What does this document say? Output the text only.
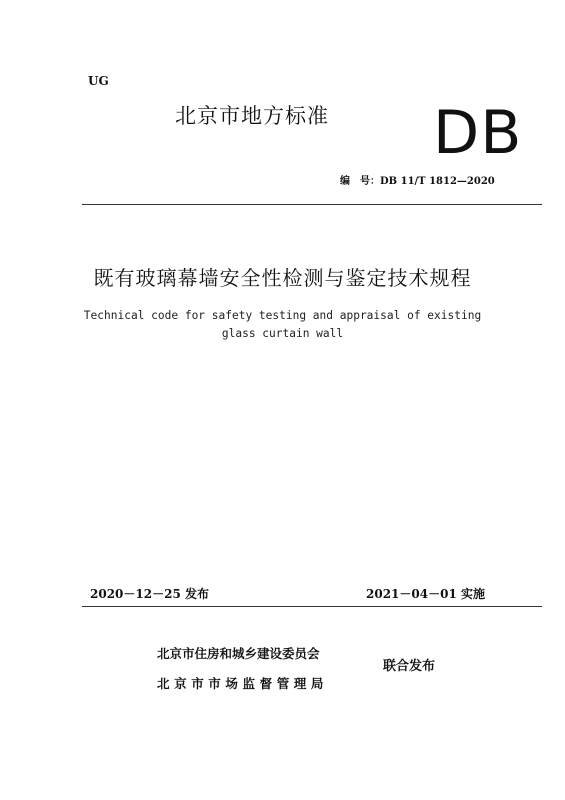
UG
北京市地方标准 DB
编　号：DB 11/T 1812—2020
既有玻璃幕墙安全性检测与鉴定技术规程
Technical code for safety testing and appraisal of existing
glass curtain wall
2020－12－25 发布	2021－04－01 实施
北京市住房和城乡建设委员会
北京市市场监督管理局
联合发布
